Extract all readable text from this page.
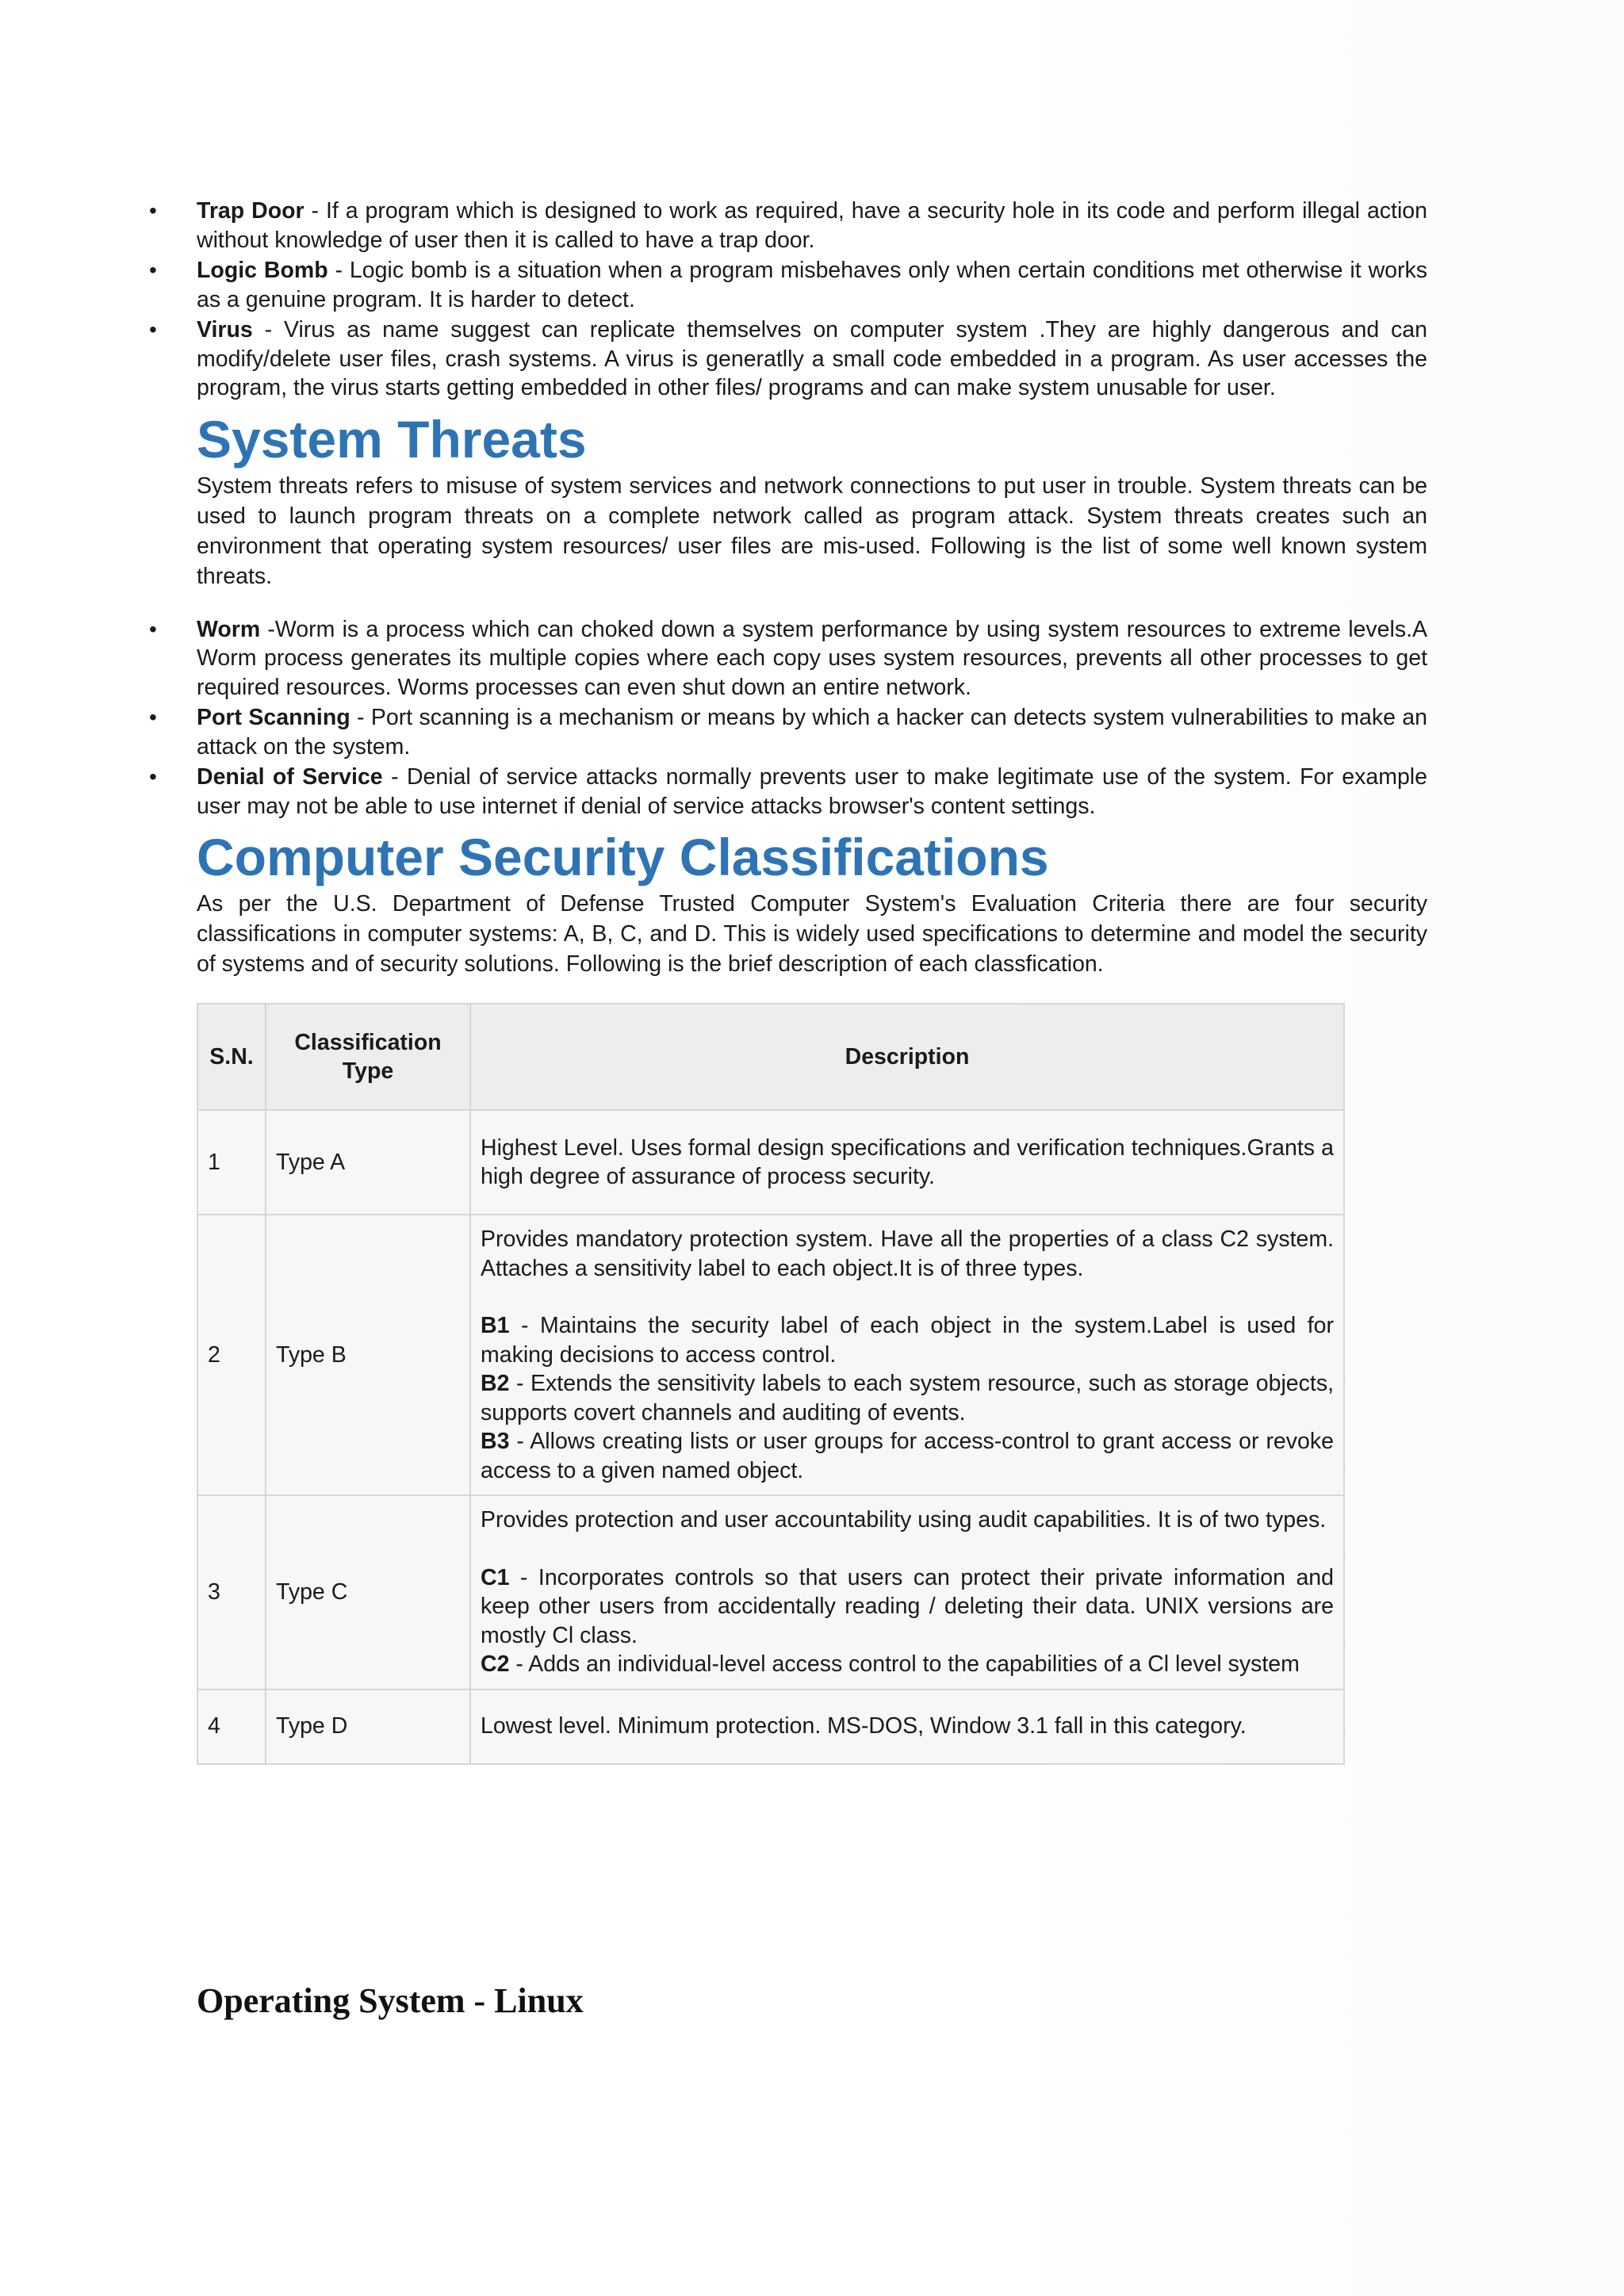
• Trap Door - If a program which is designed to work as required, have a security hole in its code and perform illegal action without knowledge of user then it is called to have a trap door.
• Logic Bomb - Logic bomb is a situation when a program misbehaves only when certain conditions met otherwise it works as a genuine program. It is harder to detect.
• Virus - Virus as name suggest can replicate themselves on computer system .They are highly dangerous and can modify/delete user files, crash systems. A virus is generatlly a small code embedded in a program. As user accesses the program, the virus starts getting embedded in other files/ programs and can make system unusable for user.
System Threats

System threats refers to misuse of system services and network connections to put user in trouble. System threats can be used to launch program threats on a complete network called as program attack. System threats creates such an environment that operating system resources/ user files are mis-used. Following is the list of some well known system threats.

• Worm -Worm is a process which can choked down a system performance by using system resources to extreme levels.A Worm process generates its multiple copies where each copy uses system resources, prevents all other processes to get required resources. Worms processes can even shut down an entire network.
• Port Scanning - Port scanning is a mechanism or means by which a hacker can detects system vulnerabilities to make an attack on the system.
• Denial of Service - Denial of service attacks normally prevents user to make legitimate use of the system. For example user may not be able to use internet if denial of service attacks browser's content settings.
Computer Security Classifications

As per the U.S. Department of Defense Trusted Computer System's Evaluation Criteria there are four security classifications in computer systems: A, B, C, and D. This is widely used specifications to determine and model the security of systems and of security solutions. Following is the brief description of each classfication.

S.N.	Classification Type	Description
1	Type A	Highest Level. Uses formal design specifications and verification techniques.Grants a high degree of assurance of process security.

2	Type B	Provides mandatory protection system. Have all the properties of a class C2 system. Attaches a sensitivity label to each object.It is of three types.

B1 - Maintains the security label of each object in the system.Label is used for making decisions to access control.

B2 - Extends the sensitivity labels to each system resource, such as storage objects, supports covert channels and auditing of events.

B3 - Allows creating lists or user groups for access-control to grant access or revoke access to a given named object.

3	Type C	Provides protection and user accountability using audit capabilities. It is of two types.

C1 - Incorporates controls so that users can protect their private information and keep other users from accidentally reading / deleting their data. UNIX versions are mostly Cl class.

C2 - Adds an individual-level access control to the capabilities of a Cl level system

4	Type D	Lowest level. Minimum protection. MS-DOS, Window 3.1 fall in this category.

Operating System - Linux
